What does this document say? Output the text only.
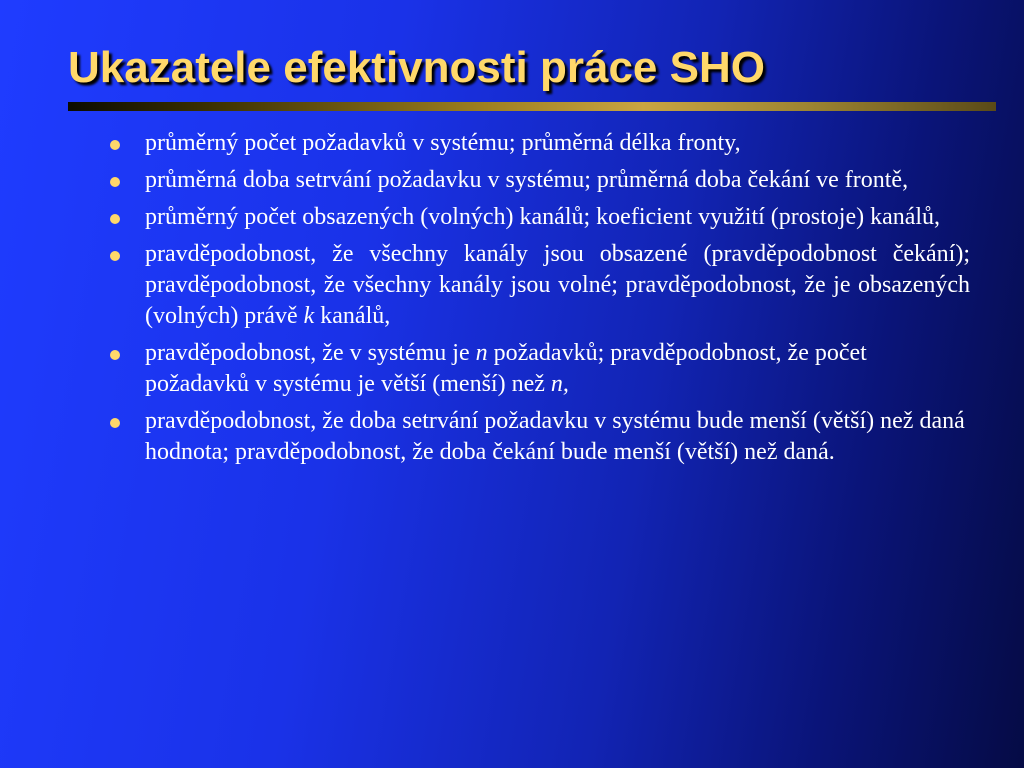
Ukazatele efektivnosti práce SHO
průměrný počet požadavků v systému; průměrná délka fronty,
průměrná doba setrvání požadavku v systému; průměrná doba čekání ve frontě,
průměrný počet obsazených (volných) kanálů; koeficient využití (prostoje) kanálů,
pravděpodobnost, že všechny kanály jsou obsazené (pravděpodobnost čekání); pravděpodobnost, že všechny kanály jsou volné; pravděpodobnost, že je obsazených (volných) právě k kanálů,
pravděpodobnost, že v systému je n požadavků; pravděpodobnost, že počet požadavků v systému je větší (menší) než n,
pravděpodobnost, že doba setrvání požadavku v systému bude menší (větší) než daná hodnota; pravděpodobnost, že doba čekání bude menší (větší) než daná.
